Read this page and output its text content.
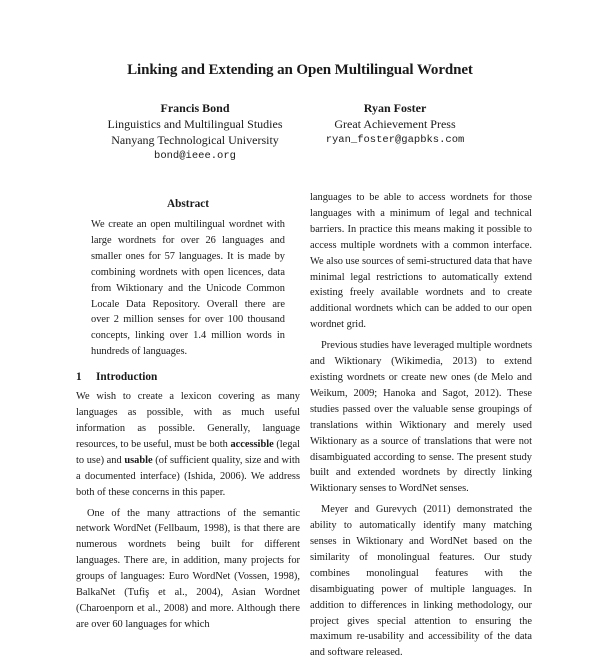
Linking and Extending an Open Multilingual Wordnet
Francis Bond
Linguistics and Multilingual Studies
Nanyang Technological University
bond@ieee.org
Ryan Foster
Great Achievement Press
ryan_foster@gapbks.com
Abstract

We create an open multilingual wordnet with large wordnets for over 26 languages and smaller ones for 57 languages. It is made by combining wordnets with open licences, data from Wiktionary and the Unicode Common Locale Data Repository. Overall there are over 2 million senses for over 100 thousand concepts, linking over 1.4 million words in hundreds of languages.

1 Introduction

We wish to create a lexicon covering as many languages as possible, with as much useful information as possible. Generally, language resources, to be useful, must be both accessible (legal to use) and usable (of sufficient quality, size and with a documented interface) (Ishida, 2006). We address both of these concerns in this paper.

One of the many attractions of the semantic network WordNet (Fellbaum, 1998), is that there are numerous wordnets being built for different languages. There are, in addition, many projects for groups of languages: Euro WordNet (Vossen, 1998), BalkaNet (Tufiş et al., 2004), Asian Wordnet (Charoenporn et al., 2008) and more. Although there are over 60 languages for which

languages to be able to access wordnets for those languages with a minimum of legal and technical barriers. In practice this means making it possible to access multiple wordnets with a common interface. We also use sources of semi-structured data that have minimal legal restrictions to automatically extend existing freely available wordnets and to create additional wordnets which can be added to our open wordnet grid.

Previous studies have leveraged multiple wordnets and Wiktionary (Wikimedia, 2013) to extend existing wordnets or create new ones (de Melo and Weikum, 2009; Hanoka and Sagot, 2012). These studies passed over the valuable sense groupings of translations within Wiktionary and merely used Wiktionary as a source of translations that were not disambiguated according to sense. The present study built and extended wordnets by directly linking Wiktionary senses to WordNet senses.

Meyer and Gurevych (2011) demonstrated the ability to automatically identify many matching senses in Wiktionary and WordNet based on the similarity of monolingual features. Our study combines monolingual features with the disambiguating power of multiple languages. In addition to differences in linking methodology, our project gives special attention to ensuring the maximum re-usability and accessibility of the data and software released.
